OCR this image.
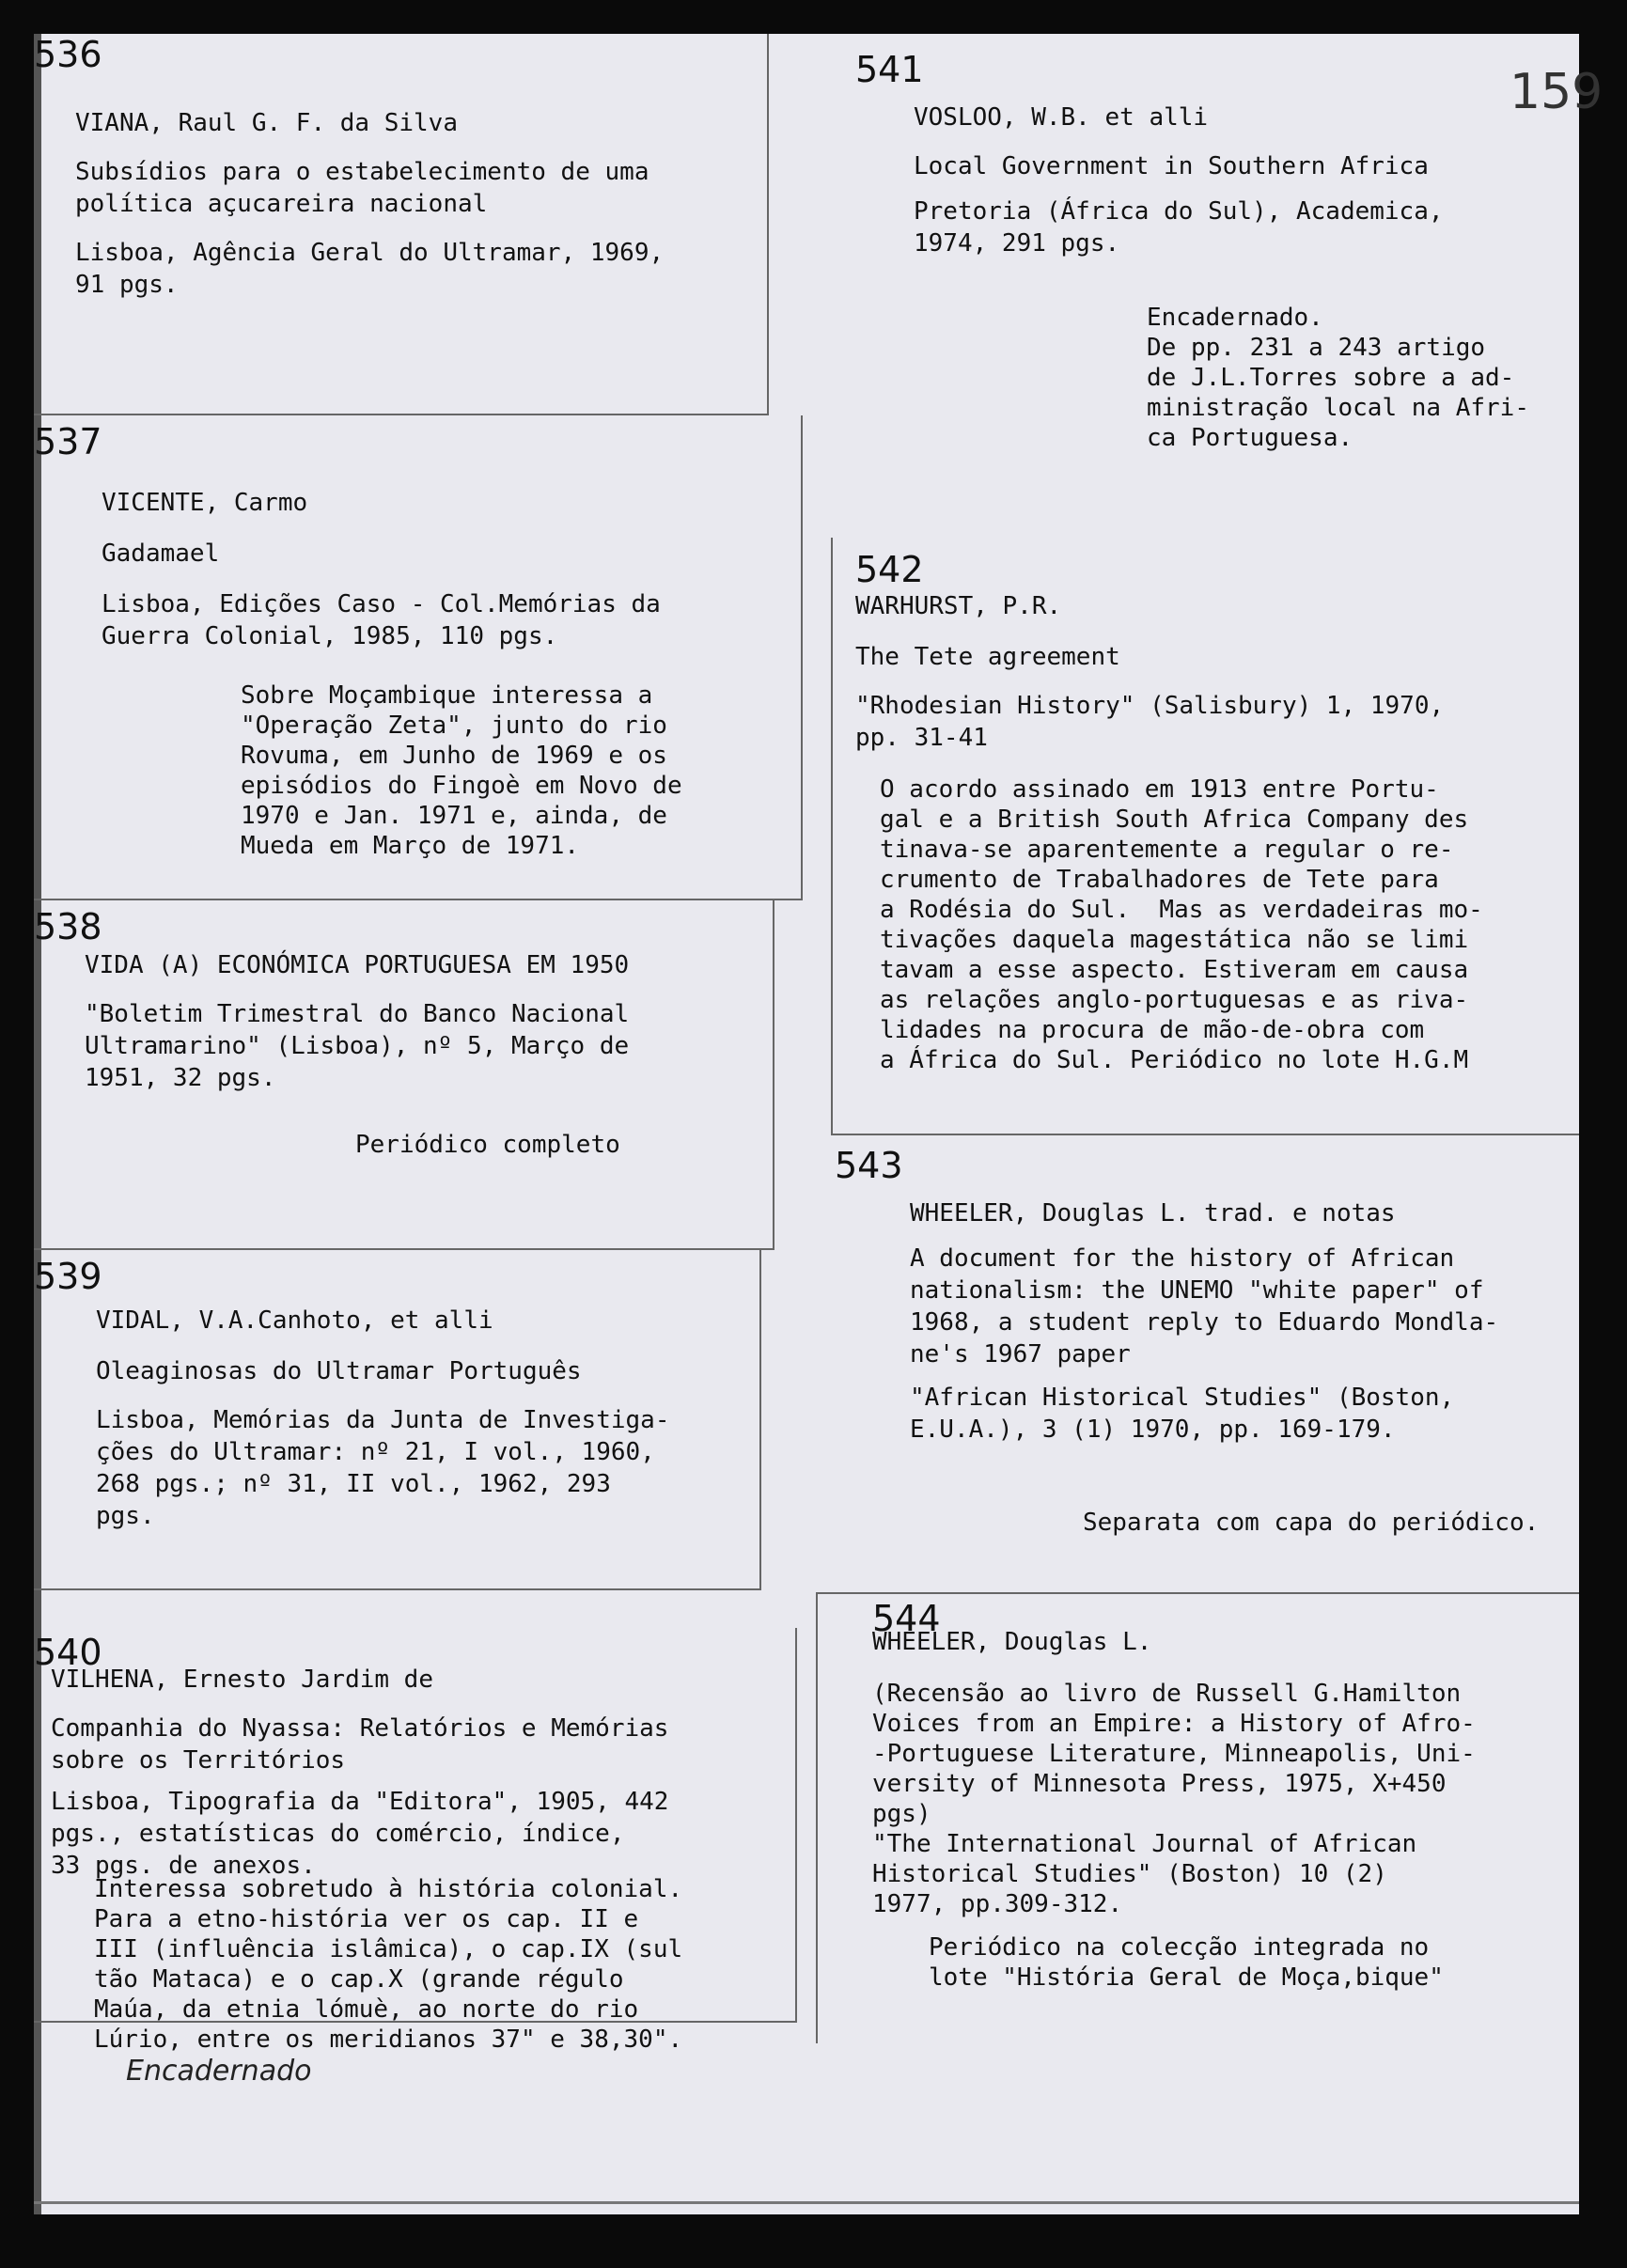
159
536
VIANA, Raul G. F. da Silva
Subsídios para o estabelecimento de uma
política açucareira nacional
Lisboa, Agência Geral do Ultramar, 1969,
91 pgs.
537
VICENTE, Carmo
Gadamael
Lisboa, Edições Caso - Col.Memórias da
Guerra Colonial, 1985, 110 pgs.
Sobre Moçambique interessa a
"Operação Zeta", junto do rio
Rovuma, em Junho de 1969 e os
episódios do Fingoè em Novo de
1970 e Jan. 1971 e, ainda, de
Mueda em Março de 1971.
538
VIDA (A) ECONÓMICA PORTUGUESA EM 1950
"Boletim Trimestral do Banco Nacional
Ultramarino" (Lisboa), nº 5, Março de
1951, 32 pgs.
Periódico completo
539
VIDAL, V.A.Canhoto, et alli
Oleaginosas do Ultramar Português
Lisboa, Memórias da Junta de Investiga-
ções do Ultramar: nº 21, I vol., 1960,
268 pgs.; nº 31, II vol., 1962, 293
pgs.
540
VILHENA, Ernesto Jardim de
Companhia do Nyassa: Relatórios e Memórias
sobre os Territórios
Lisboa, Tipografia da "Editora", 1905, 442
pgs., estatísticas do comércio, índice,
33 pgs. de anexos.
Interessa sobretudo à história colonial.
Para a etno-história ver os cap. II e
III (influência islâmica), o cap.IX (sul
tão Mataca) e o cap.X (grande régulo
Maúa, da etnia lómuè, ao norte do rio
Lúrio, entre os meridianos 37" e 38,30".
Encadernado
541
VOSLOO, W.B. et alli
Local Government in Southern Africa
Pretoria (África do Sul), Academica,
1974, 291 pgs.
Encadernado.
De pp. 231 a 243 artigo
de J.L.Torres sobre a ad-
ministração local na Afri-
ca Portuguesa.
542
WARHURST, P.R.
The Tete agreement
"Rhodesian History" (Salisbury) 1, 1970,
pp. 31-41
O acordo assinado em 1913 entre Portu-
gal e a British South Africa Company des
tinava-se aparentemente a regular o re-
crumento de Trabalhadores de Tete para
a Rodésia do Sul.  Mas as verdadeiras mo-
tivações daquela magestática não se limi
tavam a esse aspecto. Estiveram em causa
as relações anglo-portuguesas e as riva-
lidades na procura de mão-de-obra com
a África do Sul. Periódico no lote H.G.M
543
WHEELER, Douglas L. trad. e notas
A document for the history of African
nationalism: the UNEMO "white paper" of
1968, a student reply to Eduardo Mondla-
ne's 1967 paper
"African Historical Studies" (Boston,
E.U.A.), 3 (1) 1970, pp. 169-179.
Separata com capa do periódico.
544
WHEELER, Douglas L.
(Recensão ao livro de Russell G.Hamilton
Voices from an Empire: a History of Afro-
-Portuguese Literature, Minneapolis, Uni-
versity of Minnesota Press, 1975, X+450
pgs)
"The International Journal of African
Historical Studies" (Boston) 10 (2)
1977, pp.309-312.
Periódico na colecção integrada no
lote "História Geral de Moça,bique"
